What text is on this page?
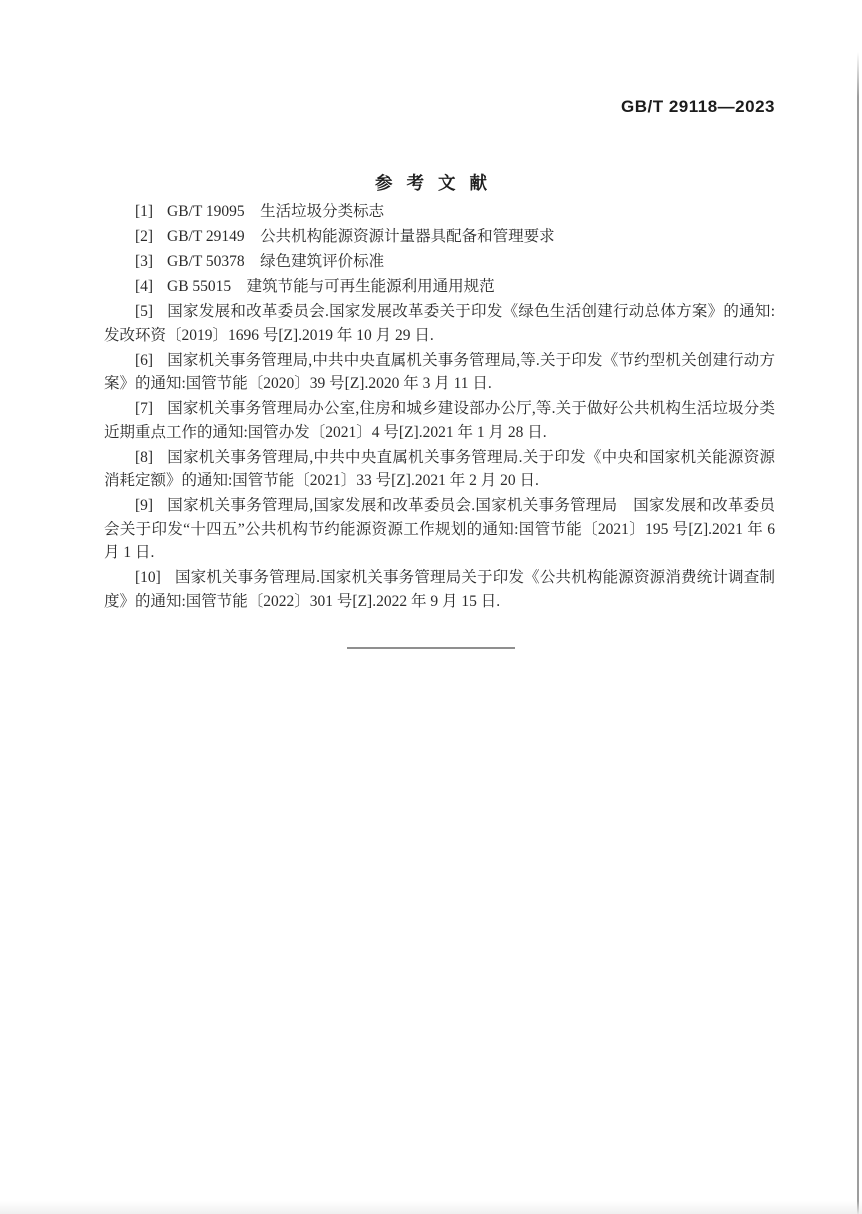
GB/T 29118—2023
参考文献

[1] GB/T 19095　生活垃圾分类标志

[2] GB/T 29149　公共机构能源资源计量器具配备和管理要求

[3] GB/T 50378　绿色建筑评价标准

[4] GB 55015　建筑节能与可再生能源利用通用规范

[5] 国家发展和改革委员会.国家发展改革委关于印发《绿色生活创建行动总体方案》的通知:发改环资〔2019〕1696 号[Z].2019 年 10 月 29 日.

[6] 国家机关事务管理局,中共中央直属机关事务管理局,等.关于印发《节约型机关创建行动方案》的通知:国管节能〔2020〕39 号[Z].2020 年 3 月 11 日.

[7] 国家机关事务管理局办公室,住房和城乡建设部办公厅,等.关于做好公共机构生活垃圾分类近期重点工作的通知:国管办发〔2021〕4 号[Z].2021 年 1 月 28 日.

[8] 国家机关事务管理局,中共中央直属机关事务管理局.关于印发《中央和国家机关能源资源消耗定额》的通知:国管节能〔2021〕33 号[Z].2021 年 2 月 20 日.

[9] 国家机关事务管理局,国家发展和改革委员会.国家机关事务管理局　国家发展和改革委员会关于印发“十四五”公共机构节约能源资源工作规划的通知:国管节能〔2021〕195 号[Z].2021 年 6 月 1 日.

[10] 国家机关事务管理局.国家机关事务管理局关于印发《公共机构能源资源消费统计调查制度》的通知:国管节能〔2022〕301 号[Z].2022 年 9 月 15 日.
